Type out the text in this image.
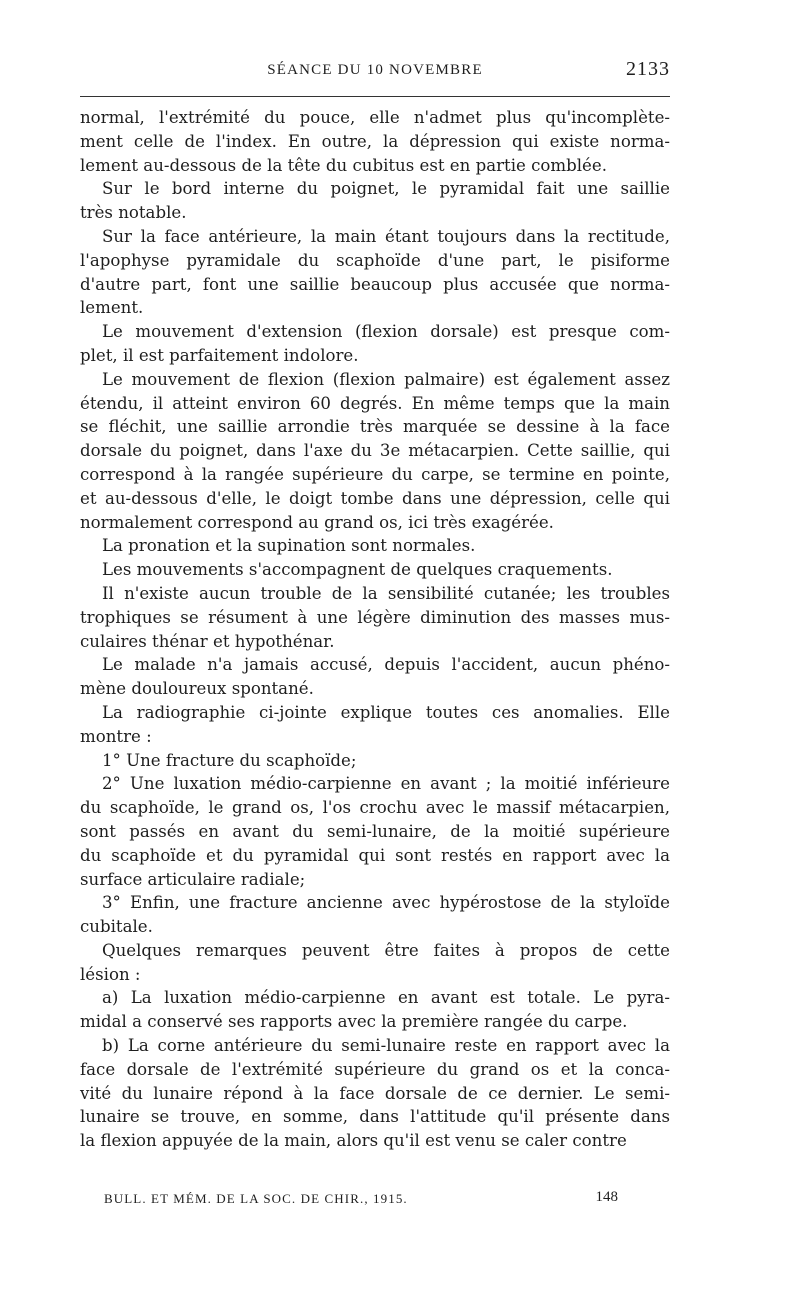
SÉANCE DU 10 NOVEMBRE	2133
normal, l'extrémité du pouce, elle n'admet plus qu'incomplète-
ment celle de l'index. En outre, la dépression qui existe norma-
lement au-dessous de la tête du cubitus est en partie comblée.
Sur le bord interne du poignet, le pyramidal fait une saillie
très notable.
Sur la face antérieure, la main étant toujours dans la rectitude,
l'apophyse pyramidale du scaphoïde d'une part, le pisiforme
d'autre part, font une saillie beaucoup plus accusée que norma-
lement.
Le mouvement d'extension (flexion dorsale) est presque com-
plet, il est parfaitement indolore.
Le mouvement de flexion (flexion palmaire) est également assez
étendu, il atteint environ 60 degrés. En même temps que la main
se fléchit, une saillie arrondie très marquée se dessine à la face
dorsale du poignet, dans l'axe du 3e métacarpien. Cette saillie, qui
correspond à la rangée supérieure du carpe, se termine en pointe,
et au-dessous d'elle, le doigt tombe dans une dépression, celle qui
normalement correspond au grand os, ici très exagérée.
La pronation et la supination sont normales.
Les mouvements s'accompagnent de quelques craquements.
Il n'existe aucun trouble de la sensibilité cutanée; les troubles
trophiques se résument à une légère diminution des masses mus-
culaires thénar et hypothénar.
Le malade n'a jamais accusé, depuis l'accident, aucun phéno-
mène douloureux spontané.
La radiographie ci-jointe explique toutes ces anomalies. Elle
montre :
1° Une fracture du scaphoïde;
2° Une luxation médio-carpienne en avant ; la moitié inférieure
du scaphoïde, le grand os, l'os crochu avec le massif métacarpien,
sont passés en avant du semi-lunaire, de la moitié supérieure
du scaphoïde et du pyramidal qui sont restés en rapport avec la
surface articulaire radiale;
3° Enfin, une fracture ancienne avec hypérostose de la styloïde
cubitale.
Quelques remarques peuvent être faites à propos de cette
lésion :
a) La luxation médio-carpienne en avant est totale. Le pyra-
midal a conservé ses rapports avec la première rangée du carpe.
b) La corne antérieure du semi-lunaire reste en rapport avec la
face dorsale de l'extrémité supérieure du grand os et la conca-
vité du lunaire répond à la face dorsale de ce dernier. Le semi-
lunaire se trouve, en somme, dans l'attitude qu'il présente dans
la flexion appuyée de la main, alors qu'il est venu se caler contre
BULL. ET MÉM. DE LA SOC. DE CHIR., 1915.	148
